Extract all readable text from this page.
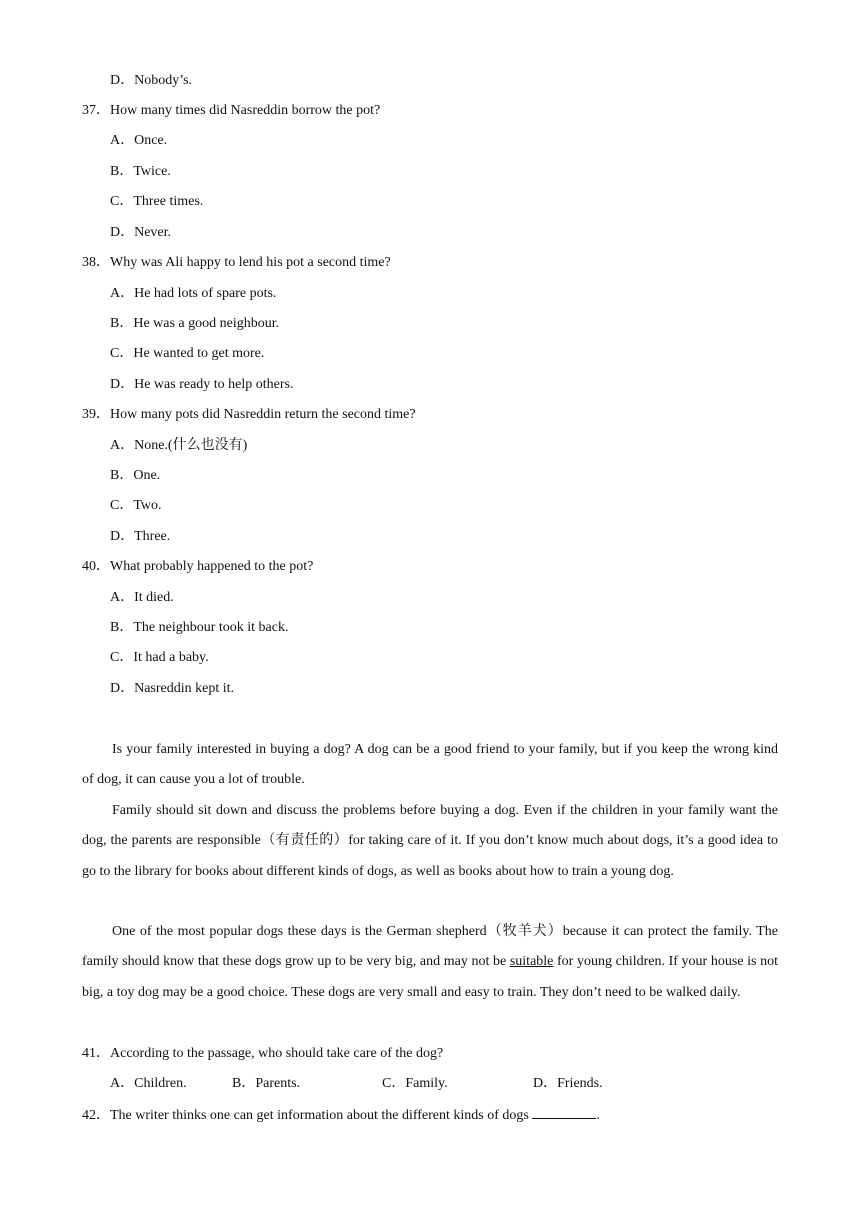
D．Nobody’s.
37．How many times did Nasreddin borrow the pot?
A．Once.
B．Twice.
C．Three times.
D．Never.
38．Why was Ali happy to lend his pot a second time?
A．He had lots of spare pots.
B．He was a good neighbour.
C．He wanted to get more.
D．He was ready to help others.
39．How many pots did Nasreddin return the second time?
A．None.(什么也没有)
B．One.
C．Two.
D．Three.
40．What probably happened to the pot?
A．It died.
B．The neighbour took it back.
C．It had a baby.
D．Nasreddin kept it.
Is your family interested in buying a dog? A dog can be a good friend to your family, but if you keep the wrong kind of dog, it can cause you a lot of trouble.
Family should sit down and discuss the problems before buying a dog. Even if the children in your family want the dog, the parents are responsible（有责任的）for taking care of it. If you don’t know much about dogs, it’s a good idea to go to the library for books about different kinds of dogs, as well as books about how to train a young dog.
One of the most popular dogs these days is the German shepherd（牧羊犬）because it can protect the family. The family should know that these dogs grow up to be very big, and may not be suitable for young children. If your house is not big, a toy dog may be a good choice. These dogs are very small and easy to train. They don’t need to be walked daily.
41．According to the passage, who should take care of the dog?
A．Children.	B．Parents.	C．Family.	D．Friends.
42．The writer thinks one can get information about the different kinds of dogs	.
